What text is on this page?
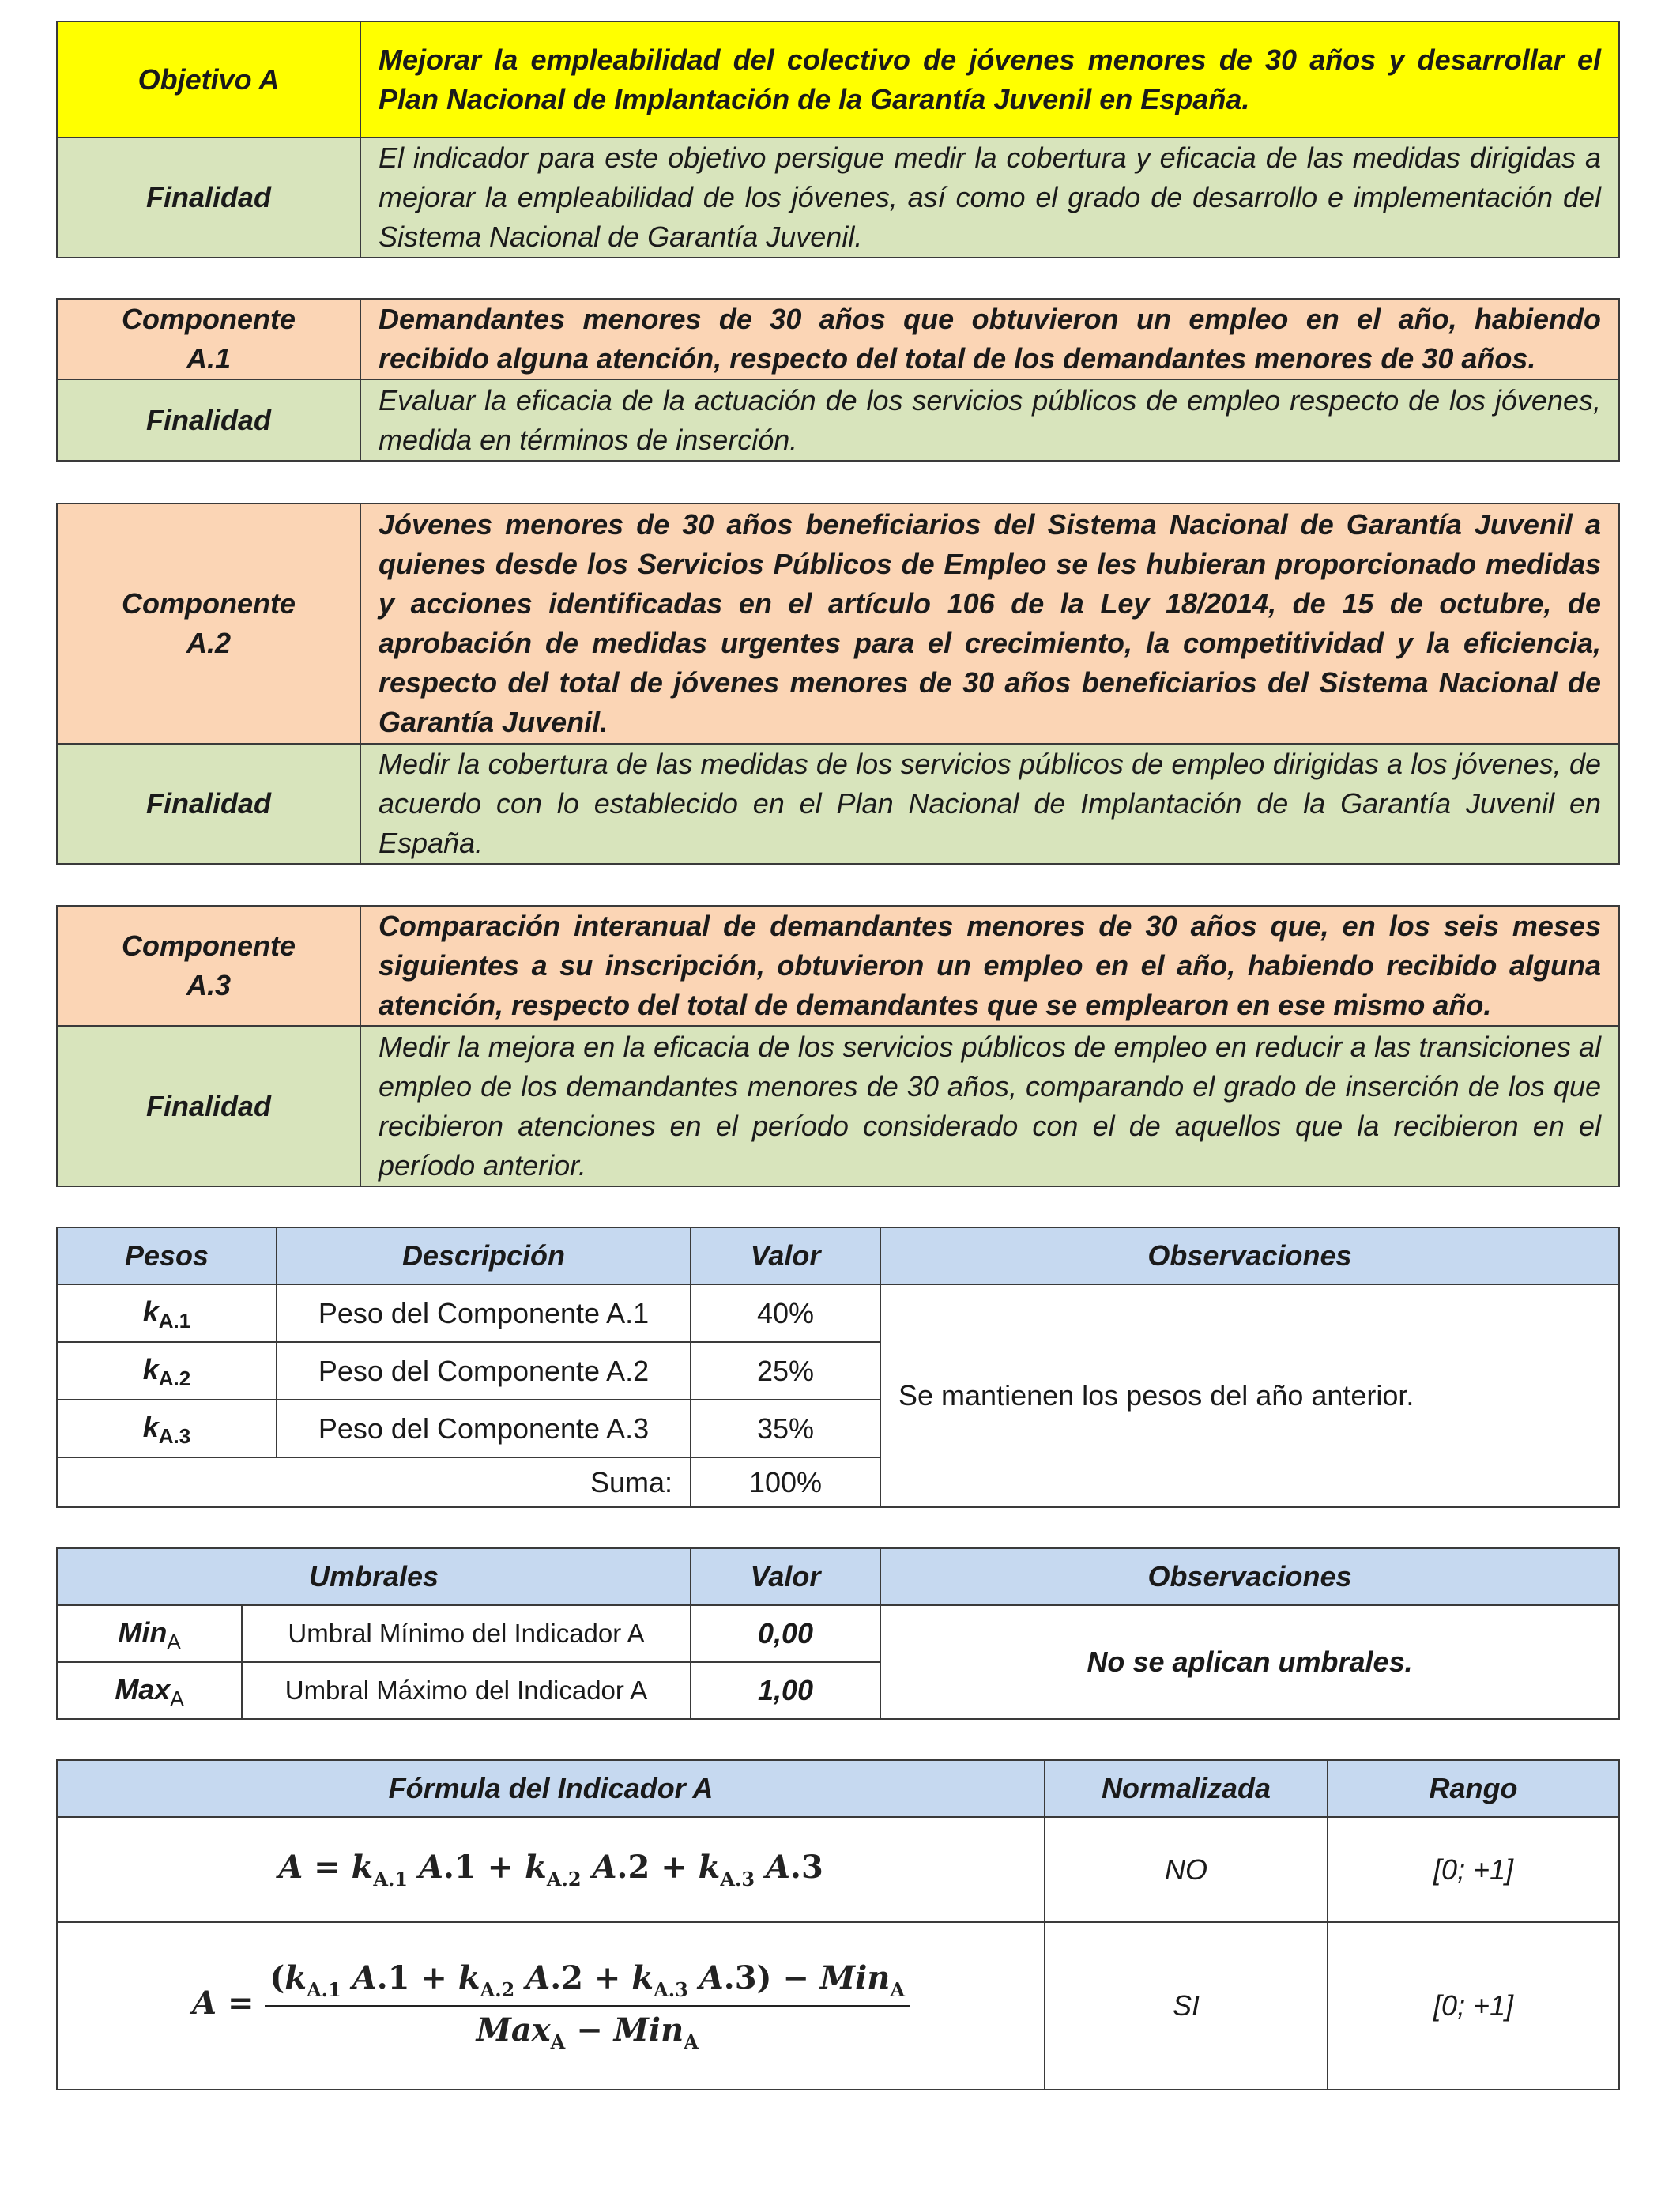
Objetivo A	Mejorar la empleabilidad del colectivo de jóvenes menores de 30 años y desarrollar el Plan Nacional de Implantación de la Garantía Juvenil en España.
Finalidad	El indicador para este objetivo persigue medir la cobertura y eficacia de las medidas dirigidas a mejorar la empleabilidad de los jóvenes, así como el grado de desarrollo e implementación del Sistema Nacional de Garantía Juvenil.
Componente
A.1	Demandantes menores de 30 años que obtuvieron un empleo en el año, habiendo recibido alguna atención, respecto del total de los demandantes menores de 30 años.
Finalidad	Evaluar la eficacia de la actuación de los servicios públicos de empleo respecto de los jóvenes, medida en términos de inserción.
Componente
A.2	Jóvenes menores de 30 años beneficiarios del Sistema Nacional de Garantía Juvenil a quienes desde los Servicios Públicos de Empleo se les hubieran proporcionado medidas y acciones identificadas en el artículo 106 de la Ley 18/2014, de 15 de octubre, de aprobación de medidas urgentes para el crecimiento, la competitividad y la eficiencia, respecto del total de jóvenes menores de 30 años beneficiarios del Sistema Nacional de Garantía Juvenil.
Finalidad	Medir la cobertura de las medidas de los servicios públicos de empleo dirigidas a los jóvenes, de acuerdo con lo establecido en el Plan Nacional de Implantación de la Garantía Juvenil en España.
Componente
A.3	Comparación interanual de demandantes menores de 30 años que, en los seis meses siguientes a su inscripción, obtuvieron un empleo en el año, habiendo recibido alguna atención, respecto del total de demandantes que se emplearon en ese mismo año.
Finalidad	Medir la mejora en la eficacia de los servicios públicos de empleo en reducir a las transiciones al empleo de los demandantes menores de 30 años, comparando el grado de inserción de los que recibieron atenciones en el período considerado con el de aquellos que la recibieron en el período anterior.
Pesos	Descripción	Valor	Observaciones
$k_{A.1}$	Peso del Componente A.1	40%	Se mantienen los pesos del año anterior.
$k_{A.2}$	Peso del Componente A.2	25%	
$k_{A.3}$	Peso del Componente A.3	35%	
Suma:		100%	
Umbrales		Valor	Observaciones
Min$_A$	Umbral Mínimo del Indicador A	0,00	No se aplican umbrales.
Max$_A$	Umbral Máximo del Indicador A	1,00	
Fórmula del Indicador A	Normalizada	Rango
$A = k_{A.1}$ $A.1 + k_{A.2}$ $A.2 + k_{A.3}$ A.3	NO	[0; +1]
$A = \frac{(k_{A.1} A.1 + k_{A.2} A.2 + k_{A.3} A.3) - Min_A}{Max_A - Min_A}$	SI	[0; +1]
